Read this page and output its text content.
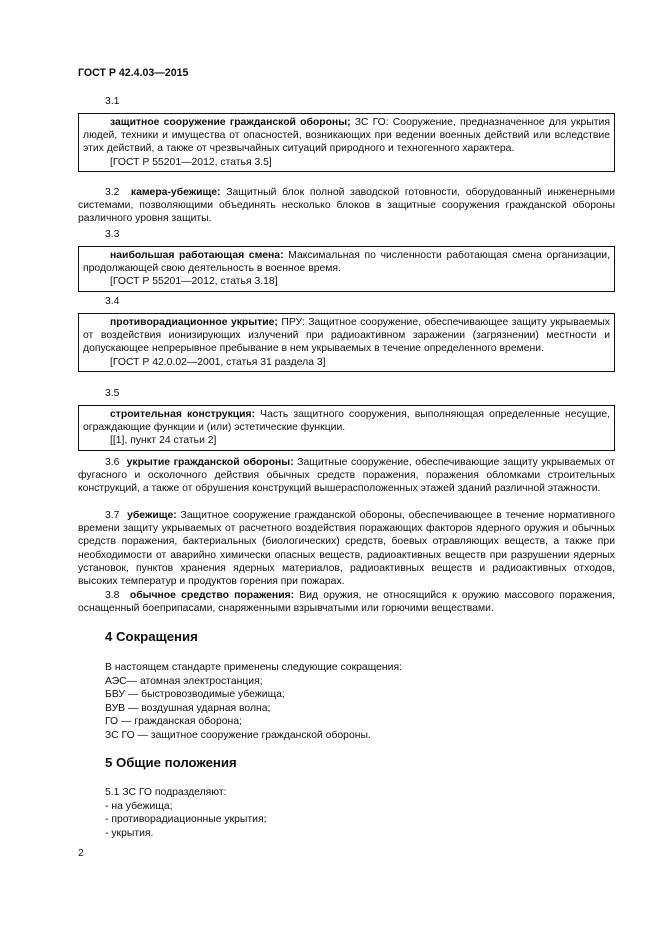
ГОСТ Р 42.4.03—2015
3.1

защитное сооружение гражданской обороны; ЗС ГО: Сооружение, предназначенное для укрытия людей, техники и имущества от опасностей, возникающих при ведении военных действий или вследствие этих действий, а также от чрезвычайных ситуаций природного и техногенного характера.

[ГОСТ Р 55201—2012, статья 3.5]

3.2 камера-убежище: Защитный блок полной заводской готовности, оборудованный инженерными системами, позволяющими объединять несколько блоков в защитные сооружения гражданской обороны различного уровня защиты.
3.3

наибольшая работающая смена: Максимальная по численности работающая смена организации, продолжающей свою деятельность в военное время.

[ГОСТ Р 55201—2012, статья 3.18]

3.4

противорадиационное укрытие; ПРУ: Защитное сооружение, обеспечивающее защиту укрываемых от воздействия ионизирующих излучений при радиоактивном заражении (загрязнении) местности и допускающее непрерывное пребывание в нем укрываемых в течение определенного времени.

[ГОСТ Р 42.0.02—2001, статья 31 раздела 3]

3.5

строительная конструкция: Часть защитного сооружения, выполняющая определенные несущие, ограждающие функции и (или) эстетические функции.

[[1], пункт 24 статьи 2]

3.6 укрытие гражданской обороны: Защитные сооружение, обеспечивающие защиту укрываемых от фугасного и осколочного действия обычных средств поражения, поражения обломками строительных конструкций, а также от обрушения конструкций вышерасположенных этажей зданий различной этажности.
3.7 убежище: Защитное сооружение гражданской обороны, обеспечивающее в течение нормативного времени защиту укрываемых от расчетного воздействия поражающих факторов ядерного оружия и обычных средств поражения, бактериальных (биологических) средств, боевых отравляющих веществ, а также при необходимости от аварийно химически опасных веществ, радиоактивных веществ при разрушении ядерных установок, пунктов хранения ядерных материалов, радиоактивных веществ и радиоактивных отходов, высоких температур и продуктов горения при пожарах.
3.8 обычное средство поражения: Вид оружия, не относящийся к оружию массового поражения, оснащенный боеприпасами, снаряженными взрывчатыми или горючими веществами.
4 Сокращения
В настоящем стандарте применены следующие сокращения:
АЭС— атомная электростанция;
БВУ — быстровозводимые убежища;
ВУВ — воздушная ударная волна;
ГО — гражданская оборона;
ЗС ГО — защитное сооружение гражданской обороны.
5 Общие положения
5.1 ЗС ГО подразделяют:
- на убежища;
- противорадиационные укрытия;
- укрытия.
2
